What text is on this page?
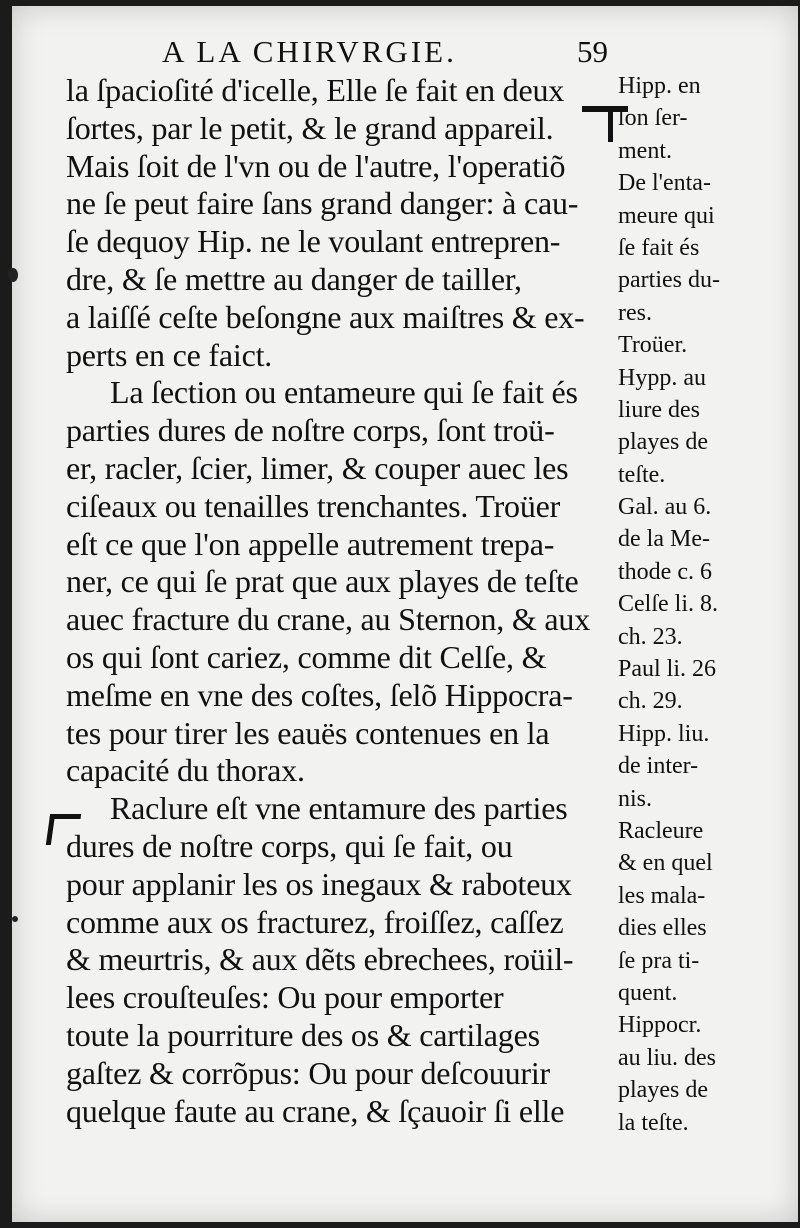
A LA CHIRVRGIE.	59
la ſpacioſité d'icelle, Elle ſe fait en deux
ſortes, par le petit, & le grand appareil.
Mais ſoit de l'vn ou de l'autre, l'operatiõ
ne ſe peut faire ſans grand danger: à cau-
ſe dequoy Hip. ne le voulant entrepren-
dre, & ſe mettre au danger de tailler,
a laiſſé ceſte beſongne aux maiſtres & ex-
perts en ce faict.
La ſection ou entameure qui ſe fait és
parties dures de noſtre corps, ſont troü-
er, racler, ſcier, limer, & couper auec les
ciſeaux ou tenailles trenchantes. Troüer
eſt ce que l'on appelle autrement trepa-
ner, ce qui ſe prat que aux playes de teſte
auec fracture du crane, au Sternon, & aux
os qui ſont cariez, comme dit Celſe, &
meſme en vne des coſtes, ſelõ Hippocra-
tes pour tirer les eauës contenues en la
capacité du thorax.
Raclure eſt vne entamure des parties
dures de noſtre corps, qui ſe fait, ou
pour applanir les os inegaux & raboteux
comme aux os fracturez, froiſſez, caſſez
& meurtris, & aux dẽts ebrechees, roüil-
lees crouſteuſes: Ou pour emporter
toute la pourriture des os & cartilages
gaſtez & corrõpus: Ou pour deſcouurir
quelque faute au crane, & ſçauoir ſi elle
Hipp. en
ſon ſer-
ment.
De l'enta-
meure qui
ſe fait és
parties du-
res.
Troüer.
Hypp. au
liure des
playes de
teſte.
Gal. au 6.
de la Me-
thode c. 6
Celſe li. 8.
ch. 23.
Paul li. 26
ch. 29.
Hipp. liu.
de inter-
nis.
Racleure
& en quel
les mala-
dies elles
ſe pra ti-
quent.
Hippocr.
au liu. des
playes de
la teſte.
